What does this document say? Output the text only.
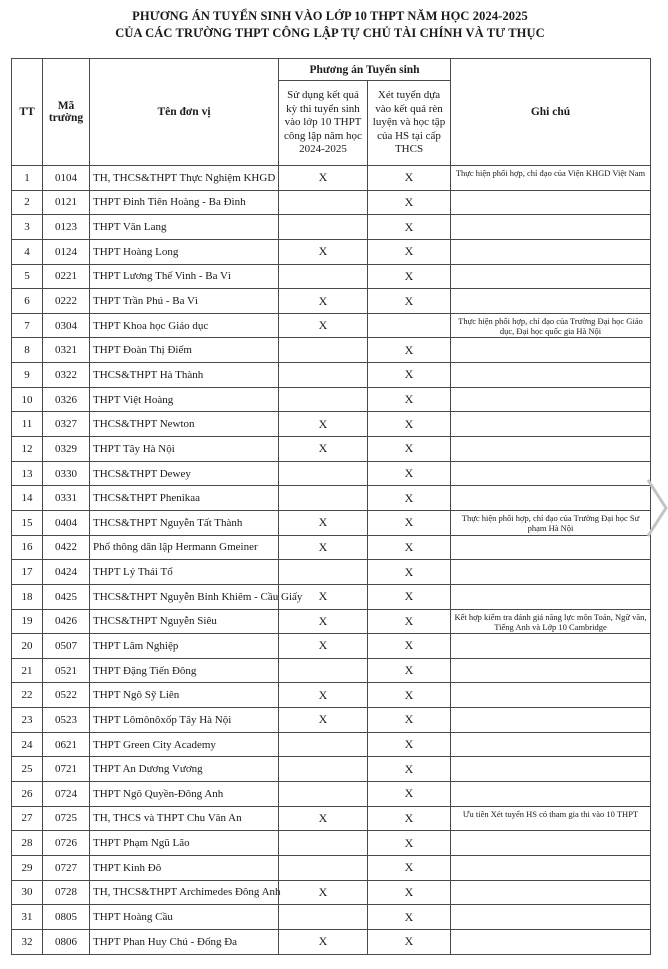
PHƯƠNG ÁN TUYỂN SINH VÀO LỚP 10 THPT NĂM HỌC 2024-2025
CỦA CÁC TRƯỜNG THPT CÔNG LẬP TỰ CHỦ TÀI CHÍNH VÀ TƯ THỤC
TT	Mã trường	Tên đơn vị	Phương án Tuyển sinh		Ghi chú
			Sử dụng kết quả kỳ thi tuyển sinh vào lớp 10 THPT công lập năm học 2024-2025	Xét tuyển dựa vào kết quả rèn luyện và học tập của HS tại cấp THCS	
1	0104	TH, THCS&THPT Thực Nghiệm KHGD	X	X	Thực hiện phối hợp, chỉ đạo của Viện KHGD Việt Nam
2	0121	THPT Đinh Tiên Hoàng - Ba Đình		X	
3	0123	THPT Văn Lang		X	
4	0124	THPT Hoàng Long	X	X	
5	0221	THPT Lương Thế Vinh - Ba Vì		X	
6	0222	THPT Trần Phú - Ba Vì	X	X	
7	0304	THPT Khoa học Giáo dục	X		Thực hiện phối hợp, chỉ đạo của Trường Đại học Giáo dục, Đại học quốc gia Hà Nội
8	0321	THPT Đoàn Thị Điểm		X	
9	0322	THCS&THPT Hà Thành		X	
10	0326	THPT Việt Hoàng		X	
11	0327	THCS&THPT Newton	X	X	
12	0329	THPT Tây Hà Nội	X	X	
13	0330	THCS&THPT Dewey		X	
14	0331	THCS&THPT Phenikaa		X	
15	0404	THCS&THPT Nguyễn Tất Thành	X	X	Thực hiện phối hợp, chỉ đạo của Trường Đại học Sư phạm Hà Nội
16	0422	Phổ thông dân lập Hermann Gmeiner	X	X	
17	0424	THPT Lý Thái Tổ		X	
18	0425	THCS&THPT Nguyễn Bỉnh Khiêm - Cầu Giấy	X	X	
19	0426	THCS&THPT Nguyễn Siêu	X	X	Kết hợp kiểm tra đánh giá năng lực môn Toán, Ngữ văn, Tiếng Anh và Lớp 10 Cambridge
20	0507	THPT Lâm Nghiệp	X	X	
21	0521	THPT Đặng Tiến Đông		X	
22	0522	THPT Ngô Sỹ Liên	X	X	
23	0523	THPT Lômônôxốp Tây Hà Nội	X	X	
24	0621	THPT Green City Academy		X	
25	0721	THPT An Dương Vương		X	
26	0724	THPT Ngô Quyền-Đông Anh		X	
27	0725	TH, THCS và THPT Chu Văn An	X	X	Ưu tiên Xét tuyển HS có tham gia thi vào 10 THPT
28	0726	THPT Phạm Ngũ Lão		X	
29	0727	THPT Kinh Đô		X	
30	0728	TH, THCS&THPT Archimedes Đông Anh	X	X	
31	0805	THPT Hoàng Cầu		X	
32	0806	THPT Phan Huy Chú - Đống Đa	X	X	
